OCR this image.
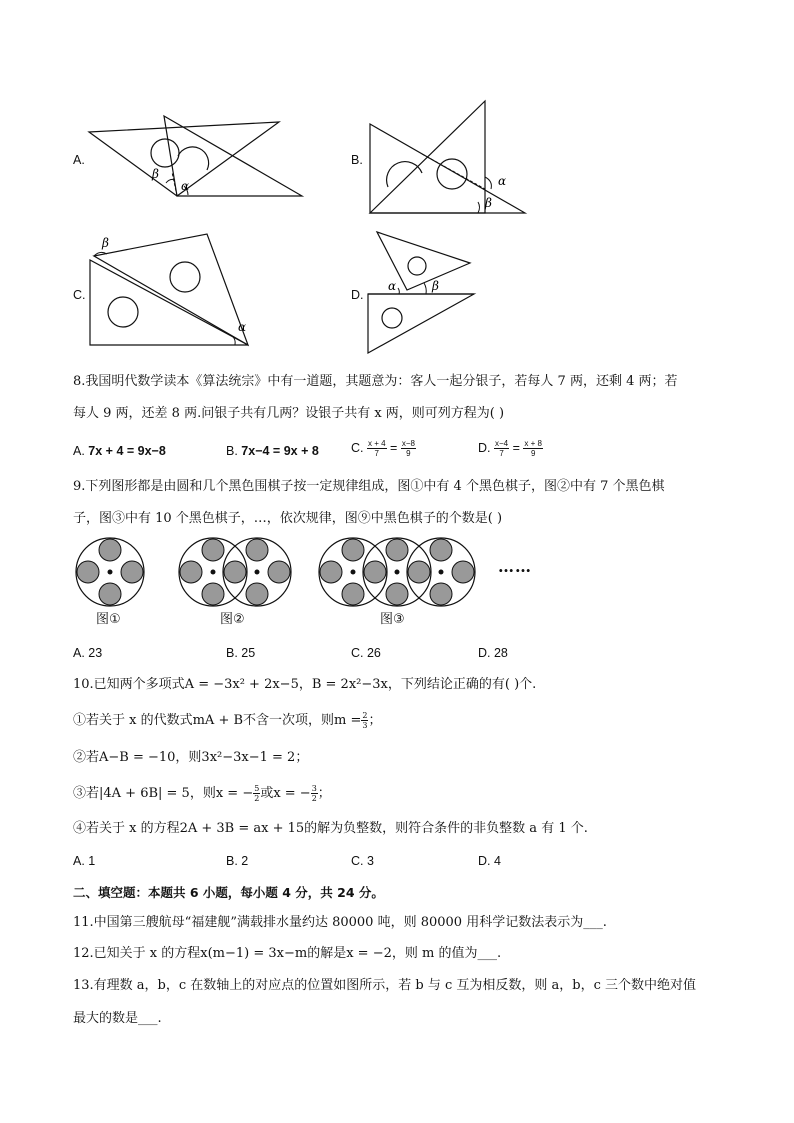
A.
β
α
B.
α
β
C.
β
α
D.
α	β
8.我国明代数学读本《算法统宗》中有一道题，其题意为：客人一起分银子，若每人 7 两，还剩 4 两；若
每人 9 两，还差 8 两.问银子共有几两？设银子共有 x 两，则可列方程为( )
A. 7x + 4 = 9x−8	B. 7x−4 = 9x + 8	C. $\frac{x + 4}{7} = \frac{x-8}{9}$	D. $\frac{x-4}{7} = \frac{x + 8}{9}$
9.下列图形都是由圆和几个黑色围棋子按一定规律组成，图①中有 4 个黑色棋子，图②中有 7 个黑色棋
子，图③中有 10 个黑色棋子，…，依次规律，图⑨中黑色棋子的个数是( )
……
图①	图②	图③
A. 23	B. 25	C. 26	D. 28
10.已知两个多项式A = −3x² + 2x−5，B = 2x²−3x，下列结论正确的有( )个.
①若关于 x 的代数式mA + B不含一次项，则$m = \frac{2}{3}$ ；
②若A−B = −10，则3x²−3x−1 = 2；
③若|4A + 6B| = 5，则x = − $\frac{5}{2}$ 或x = − $\frac{3}{2}$ ；
④若关于 x 的方程2A + 3B = ax + 15的解为负整数，则符合条件的非负整数 a 有 1 个.
A. 1	B. 2	C. 3	D. 4
二、填空题：本题共 6 小题，每小题 4 分，共 24 分。
11.中国第三艘航母“福建舰”满载排水量约达 80000 吨，则 80000 用科学记数法表示为___.
12.已知关于 x 的方程x(m−1) = 3x−m的解是x = −2，则 m 的值为___.
13.有理数 a，b，c 在数轴上的对应点的位置如图所示，若 b 与 c 互为相反数，则 a，b，c 三个数中绝对值
最大的数是___.
